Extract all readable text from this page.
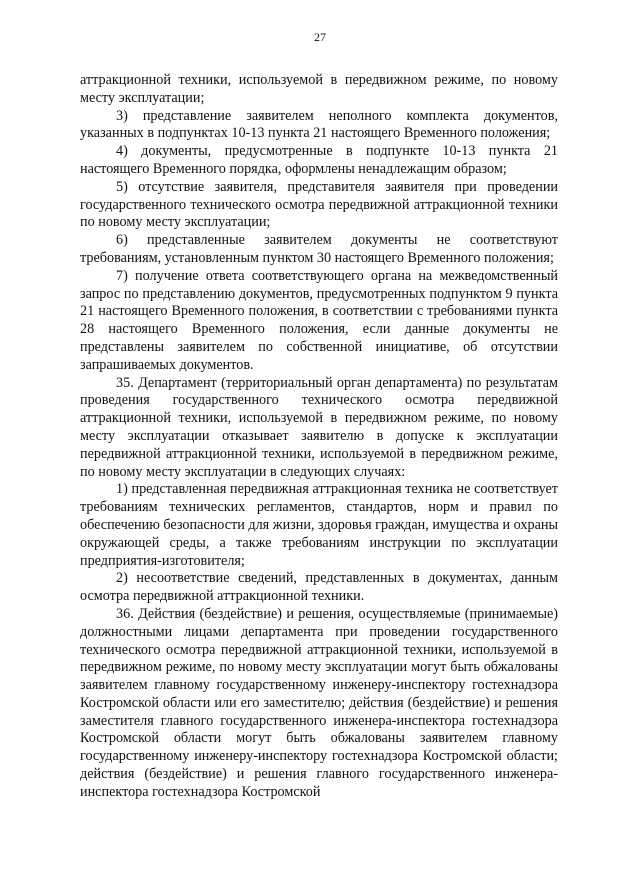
27

аттракционной техники, используемой в передвижном режиме, по новому месту эксплуатации;

3) представление заявителем неполного комплекта документов, указанных в подпунктах 10-13 пункта 21 настоящего Временного положения;

4) документы, предусмотренные в подпункте 10-13 пункта 21 настоящего Временного порядка, оформлены ненадлежащим образом;

5) отсутствие заявителя, представителя заявителя при проведении государственного технического осмотра передвижной аттракционной техники по новому месту эксплуатации;

6) представленные заявителем документы не соответствуют требованиям, установленным пунктом 30 настоящего Временного положения;

7) получение ответа соответствующего органа на межведомственный запрос по представлению документов, предусмотренных подпунктом 9 пункта 21 настоящего Временного положения, в соответствии с требованиями пункта 28 настоящего Временного положения, если данные документы не представлены заявителем по собственной инициативе, об отсутствии запрашиваемых документов.

35. Департамент (территориальный орган департамента) по результатам проведения государственного технического осмотра передвижной аттракционной техники, используемой в передвижном режиме, по новому месту эксплуатации отказывает заявителю в допуске к эксплуатации передвижной аттракционной техники, используемой в передвижном режиме, по новому месту эксплуатации в следующих случаях:

1) представленная передвижная аттракционная техника не соответствует требованиям технических регламентов, стандартов, норм и правил по обеспечению безопасности для жизни, здоровья граждан, имущества и охраны окружающей среды, а также требованиям инструкции по эксплуатации предприятия-изготовителя;

2) несоответствие сведений, представленных в документах, данным осмотра передвижной аттракционной техники.

36. Действия (бездействие) и решения, осуществляемые (принимаемые) должностными лицами департамента при проведении государственного технического осмотра передвижной аттракционной техники, используемой в передвижном режиме, по новому месту эксплуатации могут быть обжалованы заявителем главному государственному инженеру-инспектору гостехнадзора Костромской области или его заместителю; действия (бездействие) и решения заместителя главного государственного инженера-инспектора гостехнадзора Костромской области могут быть обжалованы заявителем главному государственному инженеру-инспектору гостехнадзора Костромской области; действия (бездействие) и решения главного государственного инженера-инспектора гостехнадзора Костромской
